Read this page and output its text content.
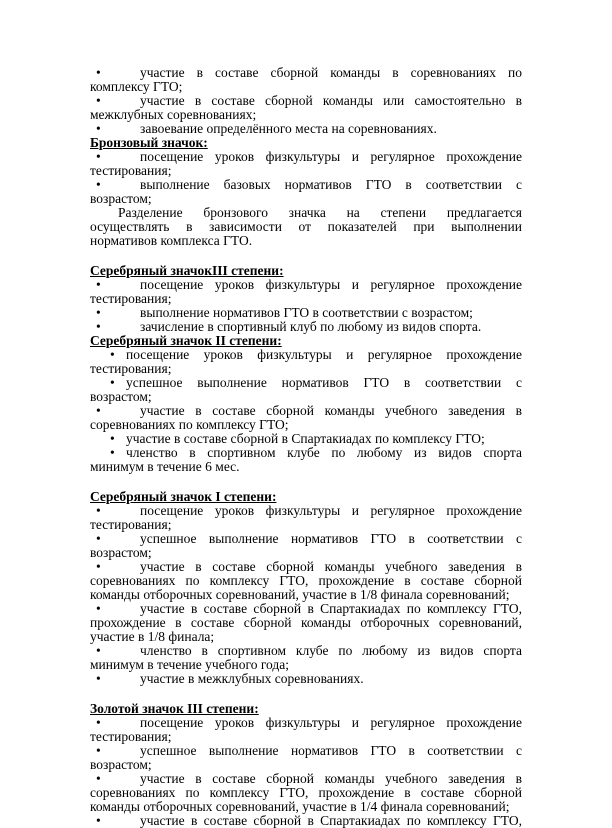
•	участие в составе сборной команды в соревнованиях по

комплексу ГТО;

•	участие в составе сборной команды или самостоятельно в

межклубных соревнованиях;

•	завоевание определённого места на соревнованиях.

Бронзовый значок:

•	посещение уроков физкультуры и регулярное прохождение

тестирования;

•	выполнение базовых нормативов ГТО в соответствии с

возрастом;

Разделение бронзового значка на степени предлагается

осуществлять в зависимости от показателей при выполнении

нормативов комплекса ГТО.

Серебряный значокIII степени:

•	посещение уроков физкультуры и регулярное прохождение

тестирования;

•	выполнение нормативов ГТО в соответствии с возрастом;

•	зачисление в спортивный клуб по любому из видов спорта.

Серебряный значок II степени:

• посещение уроков физкультуры и регулярное прохождение

тестирования;

• успешное выполнение нормативов ГТО в соответствии с

возрастом;

•	участие в составе сборной команды учебного заведения в

соревнованиях по комплексу ГТО;

• участие в составе сборной в Спартакиадах по комплексу ГТО;

• членство в спортивном клубе по любому из видов спорта

минимум в течение 6 мес.

Серебряный значок I степени:

•	посещение уроков физкультуры и регулярное прохождение

тестирования;

•	успешное выполнение нормативов ГТО в соответствии с

возрастом;

•	участие в составе сборной команды учебного заведения в

соревнованиях по комплексу ГТО, прохождение в составе сборной

команды отборочных соревнований, участие в 1/8 финала соревнований;

•	участие в составе сборной в Спартакиадах по комплексу ГТО,

прохождение в составе сборной команды отборочных соревнований,

участие в 1/8 финала;

•	членство в спортивном клубе по любому из видов спорта

минимум в течение учебного года;

•	участие в межклубных соревнованиях.

Золотой значок III степени:

•	посещение уроков физкультуры и регулярное прохождение

тестирования;

•	успешное выполнение нормативов ГТО в соответствии с

возрастом;

•	участие в составе сборной команды учебного заведения в

соревнованиях по комплексу ГТО, прохождение в составе сборной

команды отборочных соревнований, участие в 1/4 финала соревнований;

•	участие в составе сборной в Спартакиадах по комплексу ГТО,
